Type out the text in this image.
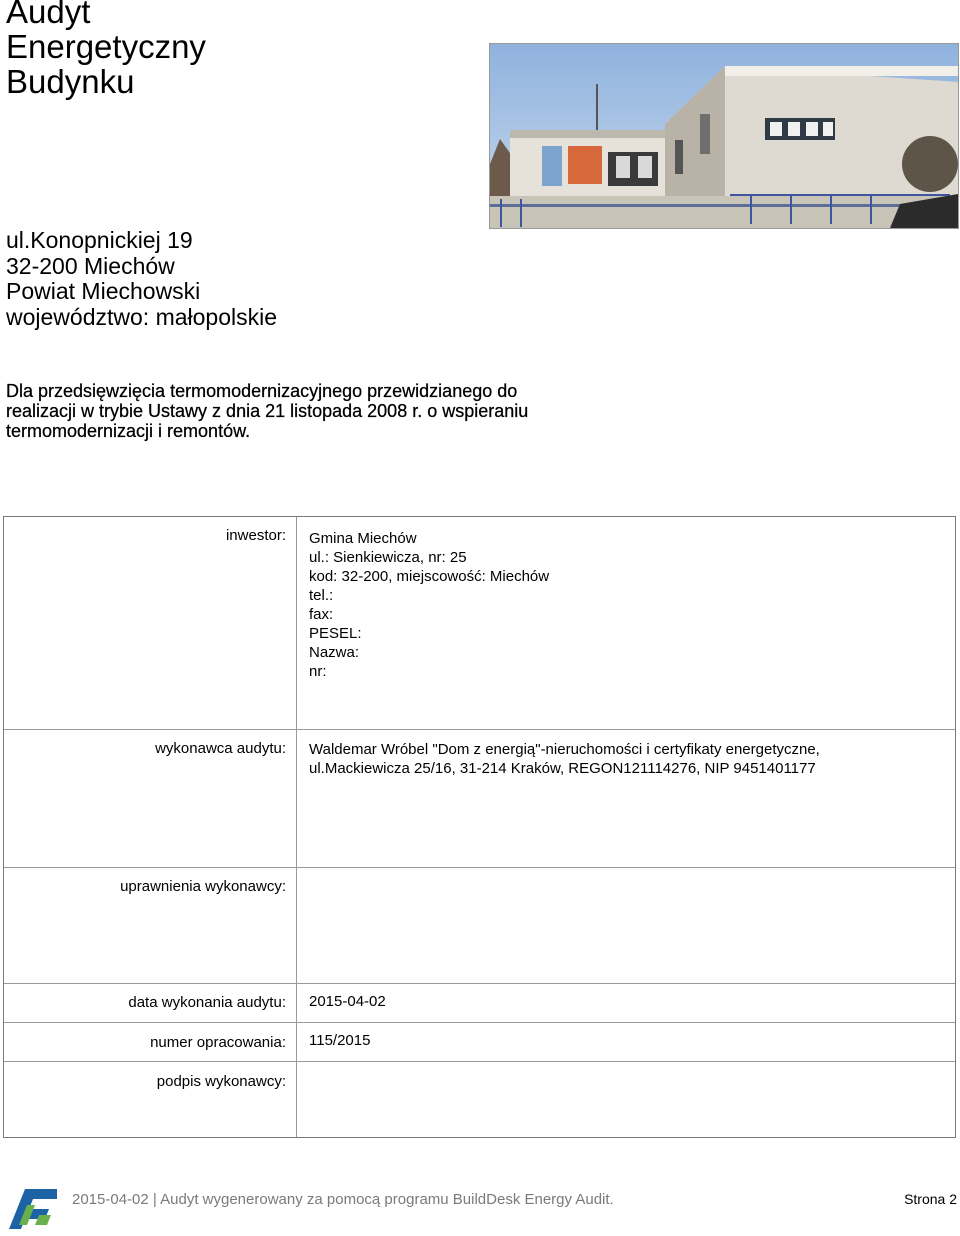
Audyt
Energetyczny
Budynku
ul.Konopnickiej 19
32-200 Miechów
Powiat Miechowski
województwo: małopolskie
Dla przedsięwzięcia termomodernizacyjnego przewidzianego do
realizacji w trybie Ustawy z dnia 21 listopada 2008 r. o wspieraniu
termomodernizacji i remontów.
inwestor: Gmina Miechów
ul.: Sienkiewicza, nr: 25
kod: 32-200, miejscowość: Miechów
tel.:
fax:
PESEL:
Nazwa:
nr:
wykonawca audytu: Waldemar Wróbel "Dom z energią"-nieruchomości i certyfikaty energetyczne,
ul.Mackiewicza 25/16, 31-214 Kraków, REGON121114276, NIP 9451401177
uprawnienia wykonawcy:
data wykonania audytu: 2015-04-02
numer opracowania: 115/2015
podpis wykonawcy:
2015-04-02 | Audyt wygenerowany za pomocą programu BuildDesk Energy Audit.	Strona 2
